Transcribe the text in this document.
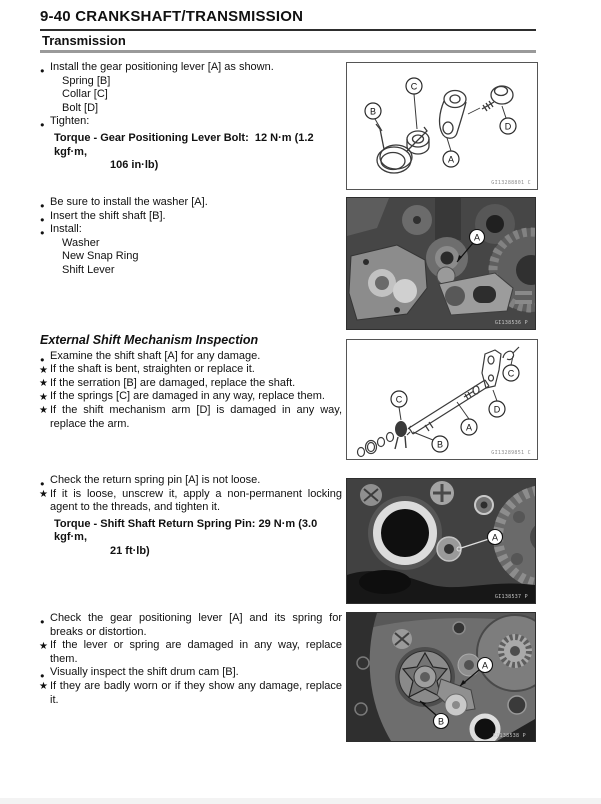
9-40 CRANKSHAFT/TRANSMISSION
Transmission

● Install the gear positioning lever [A] as shown.

Spring [B]

Collar [C]

Bolt [D]

● Tighten:

Torque - Gear Positioning Lever Bolt:  12 N·m (1.2 kgf·m,

106 in·lb)

● Be sure to install the washer [A].

● Insert the shift shaft [B].

● Install:

Washer

New Snap Ring

Shift Lever

External Shift Mechanism Inspection

● Examine the shift shaft [A] for any damage.

★ If the shaft is bent, straighten or replace it.

★ If the serration [B] are damaged, replace the shaft.

★ If the springs [C] are damaged in any way, replace them.

★ If the shift mechanism arm [D] is damaged in any way, replace the arm.

● Check the return spring pin [A] is not loose.

★ If it is loose, unscrew it, apply a non-permanent locking agent to the threads, and tighten it.

Torque - Shift Shaft Return Spring Pin: 29 N·m (3.0 kgf·m,

21 ft·lb)

● Check the gear positioning lever [A] and its spring for breaks or distortion.

★ If the lever or spring are damaged in any way, replace them.

● Visually inspect the shift drum cam [B].

★ If they are badly worn or if they show any damage, replace it.

B
C
A
D
GI13288801 C
A
GI138536 P
C
B
A
D
C
GI13289851 C
A
GI138537 P
A
B
GI138538 P
